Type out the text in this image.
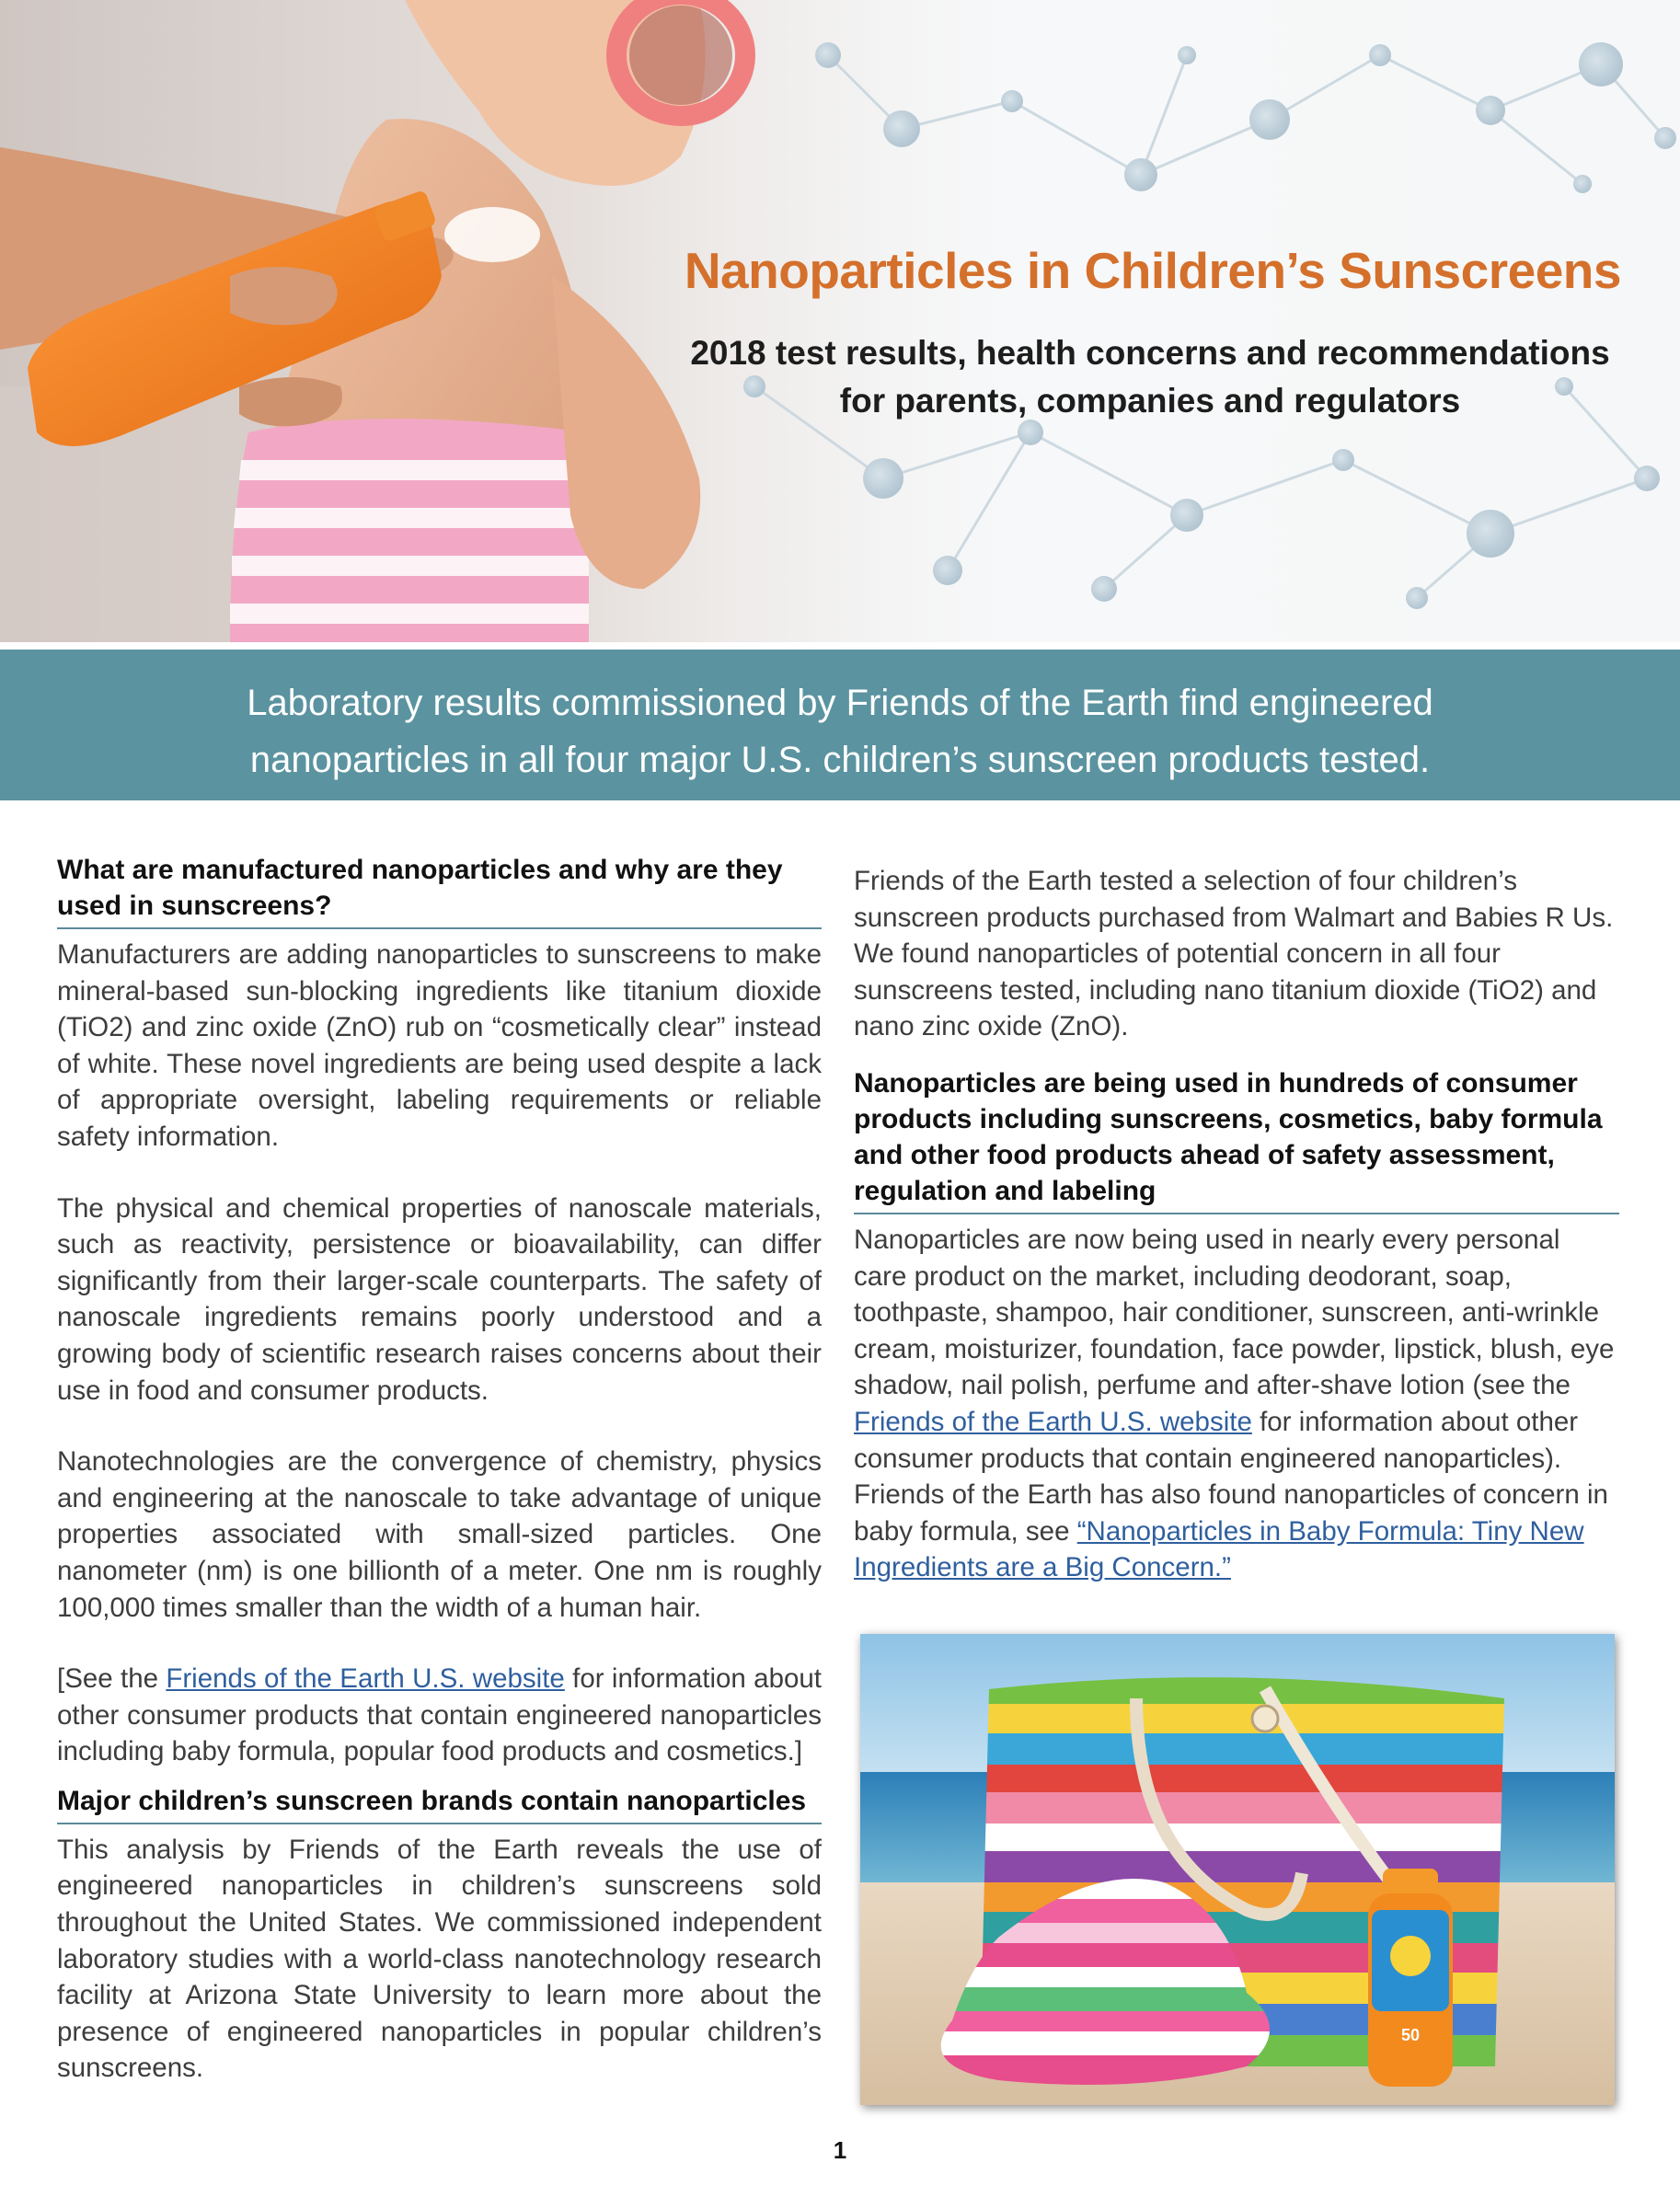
Nanoparticles in Children’s Sunscreens
2018 test results, health concerns and recommendations
for parents, companies and regulators
Laboratory results commissioned by Friends of the Earth find engineered
nanoparticles in all four major U.S. children’s sunscreen products tested.
What are manufactured nanoparticles and why are they used in sunscreens?
Manufacturers are adding nanoparticles to sunscreens to make mineral-based sun-blocking ingredients like titanium dioxide (TiO2) and zinc oxide (ZnO) rub on “cosmetically clear” instead of white. These novel ingredients are being used despite a lack of appropriate oversight, labeling requirements or reliable safety information.
The physical and chemical properties of nanoscale materials, such as reactivity, persistence or bioavailability, can differ significantly from their larger-scale counterparts. The safety of nanoscale ingredients remains poorly understood and a growing body of scientific research raises concerns about their use in food and consumer products.
Nanotechnologies are the convergence of chemistry, physics and engineering at the nanoscale to take advantage of unique properties associated with small-sized particles. One nanometer (nm) is one billionth of a meter. One nm is roughly 100,000 times smaller than the width of a human hair.
[See the Friends of the Earth U.S. website for information about other consumer products that contain engineered nanoparticles including baby formula, popular food products and cosmetics.]
Major children’s sunscreen brands contain nanoparticles
This analysis by Friends of the Earth reveals the use of engineered nanoparticles in children’s sunscreens sold throughout the United States. We commissioned independent laboratory studies with a world-class nanotechnology research facility at Arizona State University to learn more about the presence of engineered nanoparticles in popular children’s sunscreens.
Friends of the Earth tested a selection of four children’s sunscreen products purchased from Walmart and Babies R Us. We found nanoparticles of potential concern in all four sunscreens tested, including nano titanium dioxide (TiO2) and nano zinc oxide (ZnO).
Nanoparticles are being used in hundreds of consumer products including sunscreens, cosmetics, baby formula and other food products ahead of safety assessment, regulation and labeling
Nanoparticles are now being used in nearly every personal care product on the market, including deodorant, soap, toothpaste, shampoo, hair conditioner, sunscreen, anti-wrinkle cream, moisturizer, foundation, face powder, lipstick, blush, eye shadow, nail polish, perfume and after-shave lotion (see the Friends of the Earth U.S. website for information about other consumer products that contain engineered nanoparticles). Friends of the Earth has also found nanoparticles of concern in baby formula, see “Nanoparticles in Baby Formula: Tiny New Ingredients are a Big Concern.”
50
1
